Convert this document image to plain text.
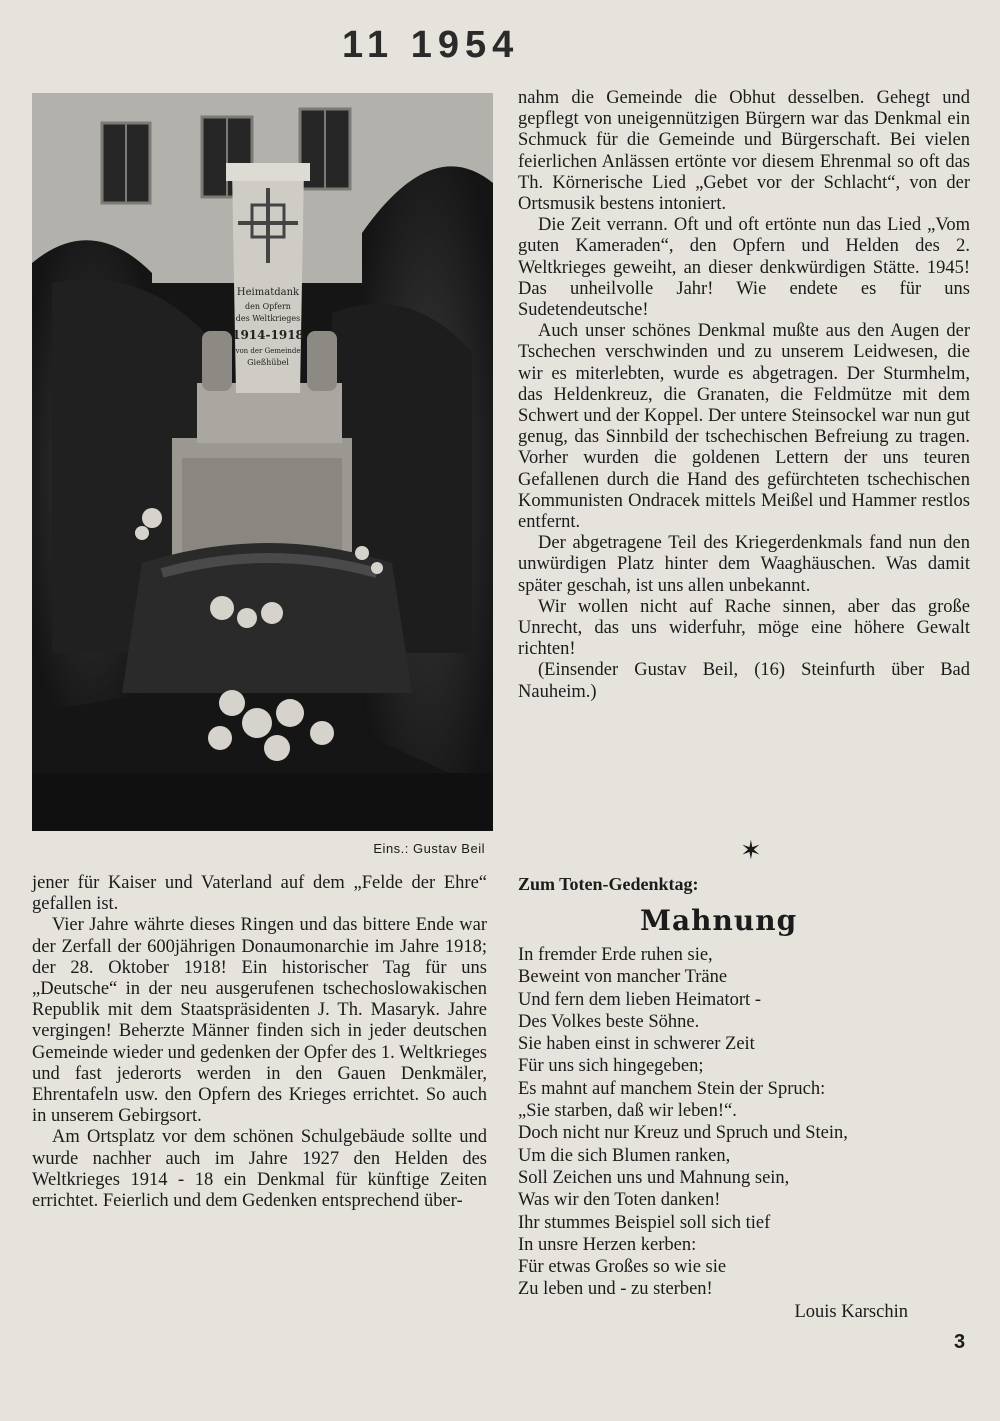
11 1954
Heimatdank
den Opfern
des Weltkrieges
1914-1918
von der Gemeinde
Gießhübel
Eins.: Gustav Beil

jener für Kaiser und Vaterland auf dem „Felde der Ehre“ gefallen ist.

Vier Jahre währte dieses Ringen und das bittere Ende war der Zerfall der 600jährigen Donaumonarchie im Jahre 1918; der 28. Oktober 1918! Ein historischer Tag für uns „Deutsche“ in der neu ausgerufenen tschechoslowakischen Republik mit dem Staatspräsidenten J. Th. Masaryk. Jahre vergingen! Beherzte Männer finden sich in jeder deutschen Gemeinde wieder und gedenken der Opfer des 1. Weltkrieges und fast jederorts werden in den Gauen Denkmäler, Ehrentafeln usw. den Opfern des Krieges errichtet. So auch in unserem Gebirgsort.

Am Ortsplatz vor dem schönen Schulgebäude sollte und wurde nachher auch im Jahre 1927 den Helden des Weltkrieges 1914 - 18 ein Denkmal für künftige Zeiten errichtet. Feierlich und dem Gedenken entsprechend über-

nahm die Gemeinde die Obhut desselben. Gehegt und gepflegt von uneigennützigen Bürgern war das Denkmal ein Schmuck für die Gemeinde und Bürgerschaft. Bei vielen feierlichen Anlässen ertönte vor diesem Ehrenmal so oft das Th. Körnerische Lied „Gebet vor der Schlacht“, von der Ortsmusik bestens intoniert.

Die Zeit verrann. Oft und oft ertönte nun das Lied „Vom guten Kameraden“, den Opfern und Helden des 2. Weltkrieges geweiht, an dieser denkwürdigen Stätte. 1945! Das unheilvolle Jahr! Wie endete es für uns Sudetendeutsche!

Auch unser schönes Denkmal mußte aus den Augen der Tschechen verschwinden und zu unserem Leidwesen, die wir es miterlebten, wurde es abgetragen. Der Sturmhelm, das Heldenkreuz, die Granaten, die Feldmütze mit dem Schwert und der Koppel. Der untere Steinsockel war nun gut genug, das Sinnbild der tschechischen Befreiung zu tragen. Vorher wurden die goldenen Lettern der uns teuren Gefallenen durch die Hand des gefürchteten tschechischen Kommunisten Ondracek mittels Meißel und Hammer restlos entfernt.

Der abgetragene Teil des Kriegerdenkmals fand nun den unwürdigen Platz hinter dem Waaghäuschen. Was damit später geschah, ist uns allen unbekannt.

Wir wollen nicht auf Rache sinnen, aber das große Unrecht, das uns widerfuhr, möge eine höhere Gewalt richten!

(Einsender Gustav Beil, (16) Steinfurth über Bad Nauheim.)

✶
Zum Toten-Gedenktag:
Mahnung
In fremder Erde ruhen sie,
Beweint von mancher Träne
Und fern dem lieben Heimatort -
Des Volkes beste Söhne.
Sie haben einst in schwerer Zeit
Für uns sich hingegeben;
Es mahnt auf manchem Stein der Spruch:
„Sie starben, daß wir leben!“.
Doch nicht nur Kreuz und Spruch und Stein,
Um die sich Blumen ranken,
Soll Zeichen uns und Mahnung sein,
Was wir den Toten danken!
Ihr stummes Beispiel soll sich tief
In unsre Herzen kerben:
Für etwas Großes so wie sie
Zu leben und - zu sterben!
Louis Karschin
3
